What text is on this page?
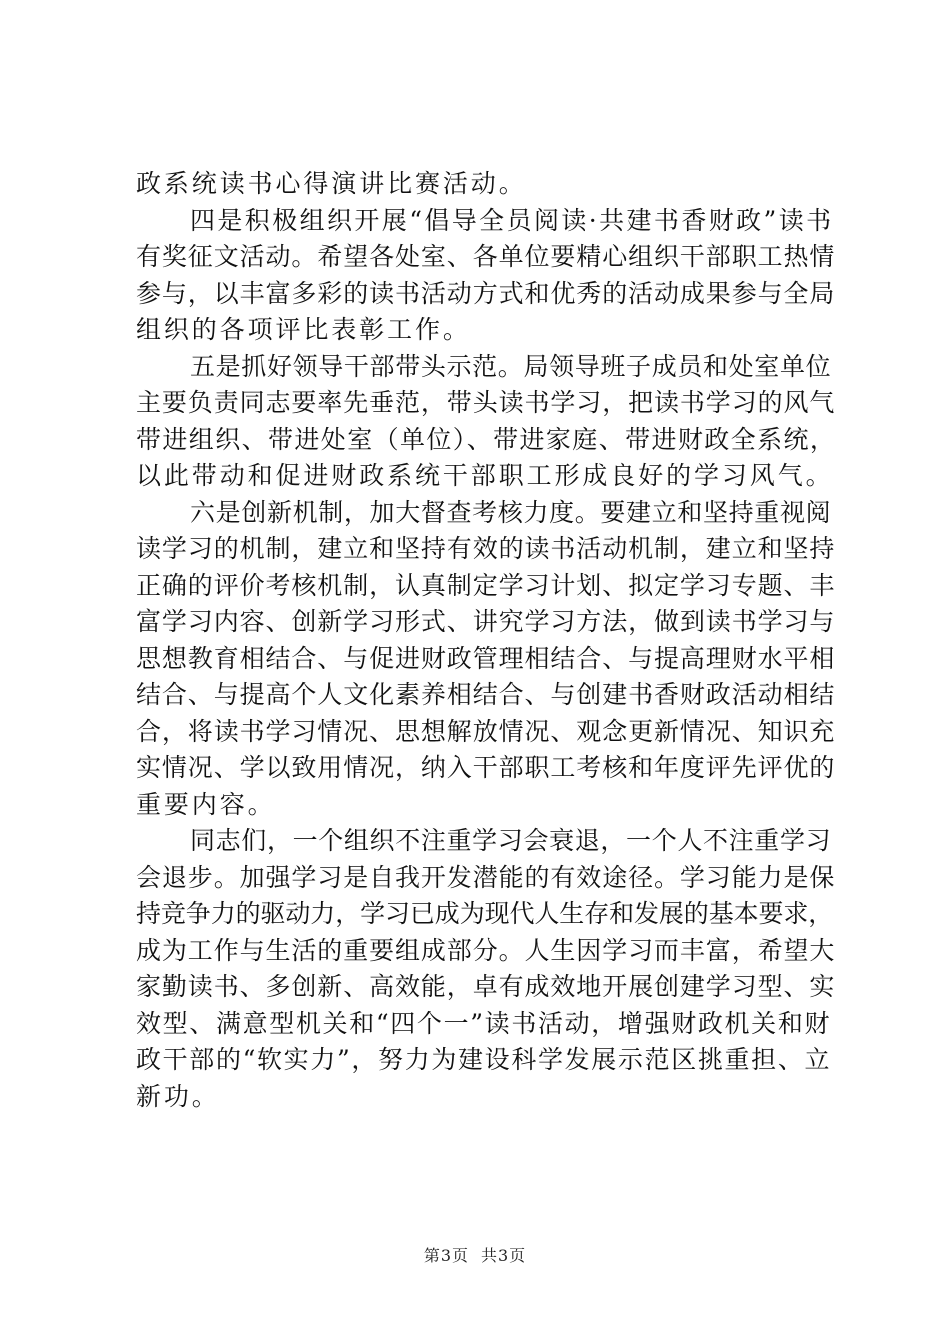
政系统读书心得演讲比赛活动。
四是积极组织开展“倡导全员阅读·共建书香财政”读书
有奖征文活动。希望各处室、各单位要精心组织干部职工热情
参与，以丰富多彩的读书活动方式和优秀的活动成果参与全局
组织的各项评比表彰工作。
五是抓好领导干部带头示范。局领导班子成员和处室单位
主要负责同志要率先垂范，带头读书学习，把读书学习的风气
带进组织、带进处室（单位）、带进家庭、带进财政全系统，
以此带动和促进财政系统干部职工形成良好的学习风气。
六是创新机制，加大督查考核力度。要建立和坚持重视阅
读学习的机制，建立和坚持有效的读书活动机制，建立和坚持
正确的评价考核机制，认真制定学习计划、拟定学习专题、丰
富学习内容、创新学习形式、讲究学习方法，做到读书学习与
思想教育相结合、与促进财政管理相结合、与提高理财水平相
结合、与提高个人文化素养相结合、与创建书香财政活动相结
合，将读书学习情况、思想解放情况、观念更新情况、知识充
实情况、学以致用情况，纳入干部职工考核和年度评先评优的
重要内容。
同志们，一个组织不注重学习会衰退，一个人不注重学习
会退步。加强学习是自我开发潜能的有效途径。学习能力是保
持竞争力的驱动力，学习已成为现代人生存和发展的基本要求，
成为工作与生活的重要组成部分。人生因学习而丰富，希望大
家勤读书、多创新、高效能，卓有成效地开展创建学习型、实
效型、满意型机关和“四个一”读书活动，增强财政机关和财
政干部的“软实力”，努力为建设科学发展示范区挑重担、立
新功。
第3页 共3页
